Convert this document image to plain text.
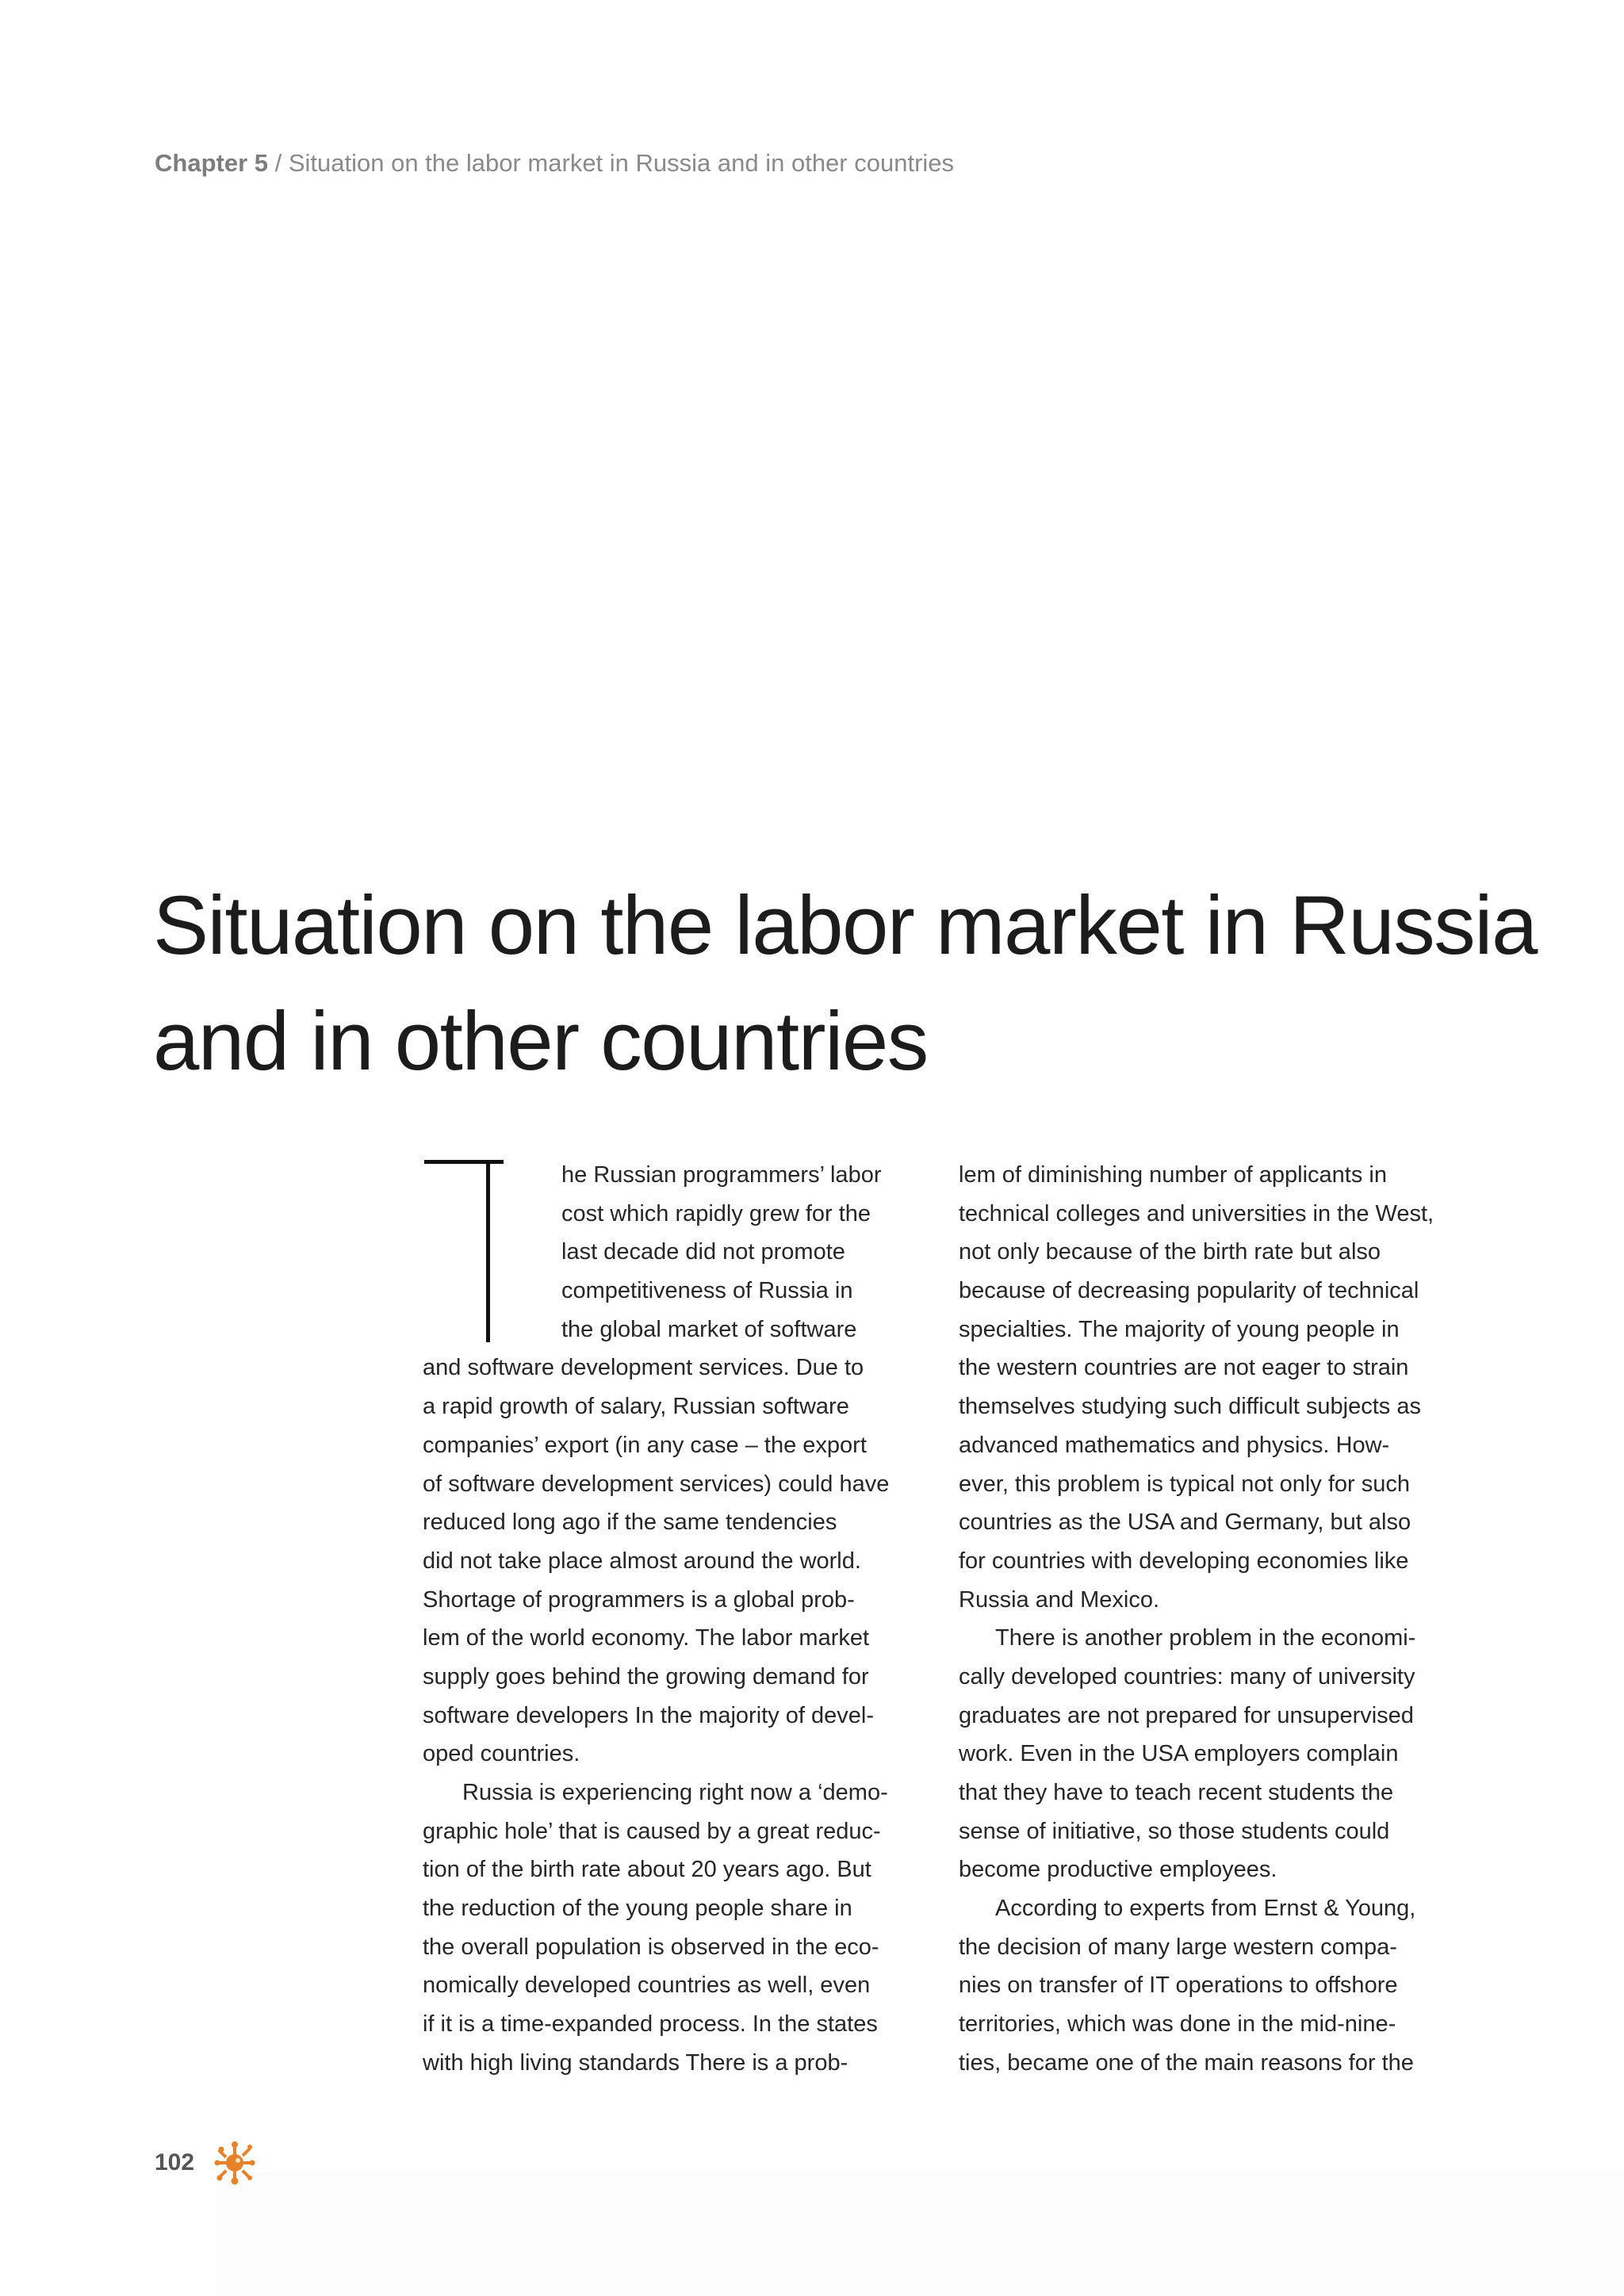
Chapter 5 / Situation on the labor market in Russia and in other countries
Situation on the labor market in Russia
and in other countries
he Russian programmers’ labor
cost which rapidly grew for the
last decade did not promote
competitiveness of Russia in
the global market of software
and software development services. Due to
a rapid growth of salary, Russian software
companies’ export (in any case – the export
of software development services) could have
reduced long ago if the same tendencies
did not take place almost around the world.
Shortage of programmers is a global prob-
lem of the world economy. The labor market
supply goes behind the growing demand for
software developers In the majority of devel-
oped countries.
Russia is experiencing right now a ‘demo-
graphic hole’ that is caused by a great reduc-
tion of the birth rate about 20 years ago. But
the reduction of the young people share in
the overall population is observed in the eco-
nomically developed countries as well, even
if it is a time-expanded process. In the states
with high living standards There is a prob-
lem of diminishing number of applicants in
technical colleges and universities in the West,
not only because of the birth rate but also
because of decreasing popularity of technical
specialties. The majority of young people in
the western countries are not eager to strain
themselves studying such difficult subjects as
advanced mathematics and physics. How-
ever, this problem is typical not only for such
countries as the USA and Germany, but also
for countries with developing economies like
Russia and Mexico.
There is another problem in the economi-
cally developed countries: many of university
graduates are not prepared for unsupervised
work. Even in the USA employers complain
that they have to teach recent students the
sense of initiative, so those students could
become productive employees.
According to experts from Ernst & Young,
the decision of many large western compa-
nies on transfer of IT operations to offshore
territories, which was done in the mid-nine-
ties, became one of the main reasons for the
102
